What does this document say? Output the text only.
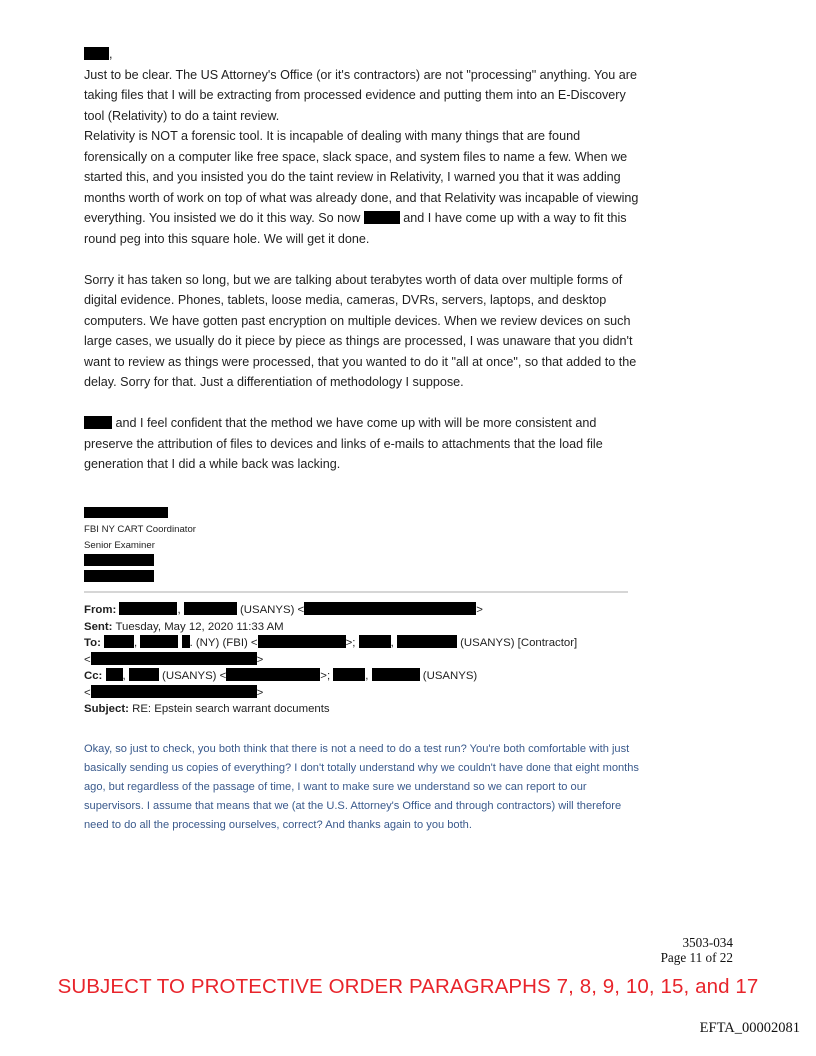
,

Just to be clear. The US Attorney's Office (or it's contractors) are not "processing" anything. You are taking files that I will be extracting from processed evidence and putting them into an E-Discovery tool (Relativity) to do a taint review.

Relativity is NOT a forensic tool. It is incapable of dealing with many things that are found forensically on a computer like free space, slack space, and system files to name a few. When we started this, and you insisted you do the taint review in Relativity, I warned you that it was adding months worth of work on top of what was already done, and that Relativity was incapable of viewing everything. You insisted we do it this way. So now	and I have come up with a way to fit this round peg into this square hole. We will get it done.

Sorry it has taken so long, but we are talking about terabytes worth of data over multiple forms of digital evidence. Phones, tablets, loose media, cameras, DVRs, servers, laptops, and desktop computers. We have gotten past encryption on multiple devices. When we review devices on such large cases, we usually do it piece by piece as things are processed, I was unaware that you didn't want to review as things were processed, that you wanted to do it "all at once", so that added to the delay. Sorry for that. Just a differentiation of methodology I suppose.

and I feel confident that the method we have come up with will be more consistent and preserve the attribution of files to devices and links of e-mails to attachments that the load file generation that I did a while back was lacking.

FBI NY CART Coordinator
Senior Examiner
From:	,	(USANYS) <	>
Sent: Tuesday, May 12, 2020 11:33 AM
To:	,	. (NY) (FBI) <	>;	,	(USANYS) [Contractor]
<	>
Cc: ,	(USANYS) <	>;	,	(USANYS)
<	>
Subject: RE: Epstein search warrant documents

Okay, so just to check, you both think that there is not a need to do a test run? You're both comfortable with just basically sending us copies of everything? I don't totally understand why we couldn't have done that eight months ago, but regardless of the passage of time, I want to make sure we understand so we can report to our supervisors. I assume that means that we (at the U.S. Attorney's Office and through contractors) will therefore need to do all the processing ourselves, correct? And thanks again to you both.

3503-034
Page 11 of 22
SUBJECT TO PROTECTIVE ORDER PARAGRAPHS 7, 8, 9, 10, 15, and 17
EFTA_00002081
